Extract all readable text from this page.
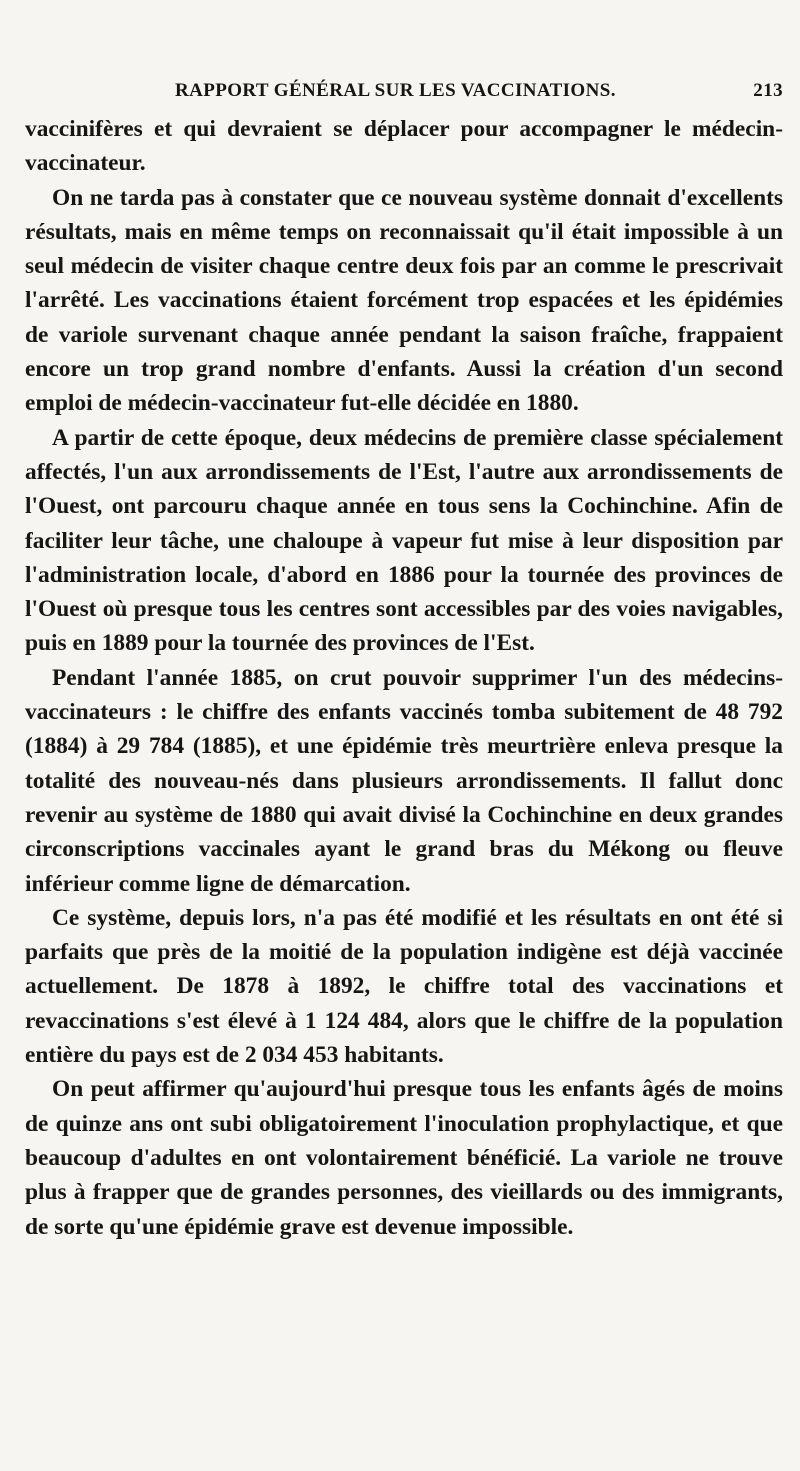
RAPPORT GÉNÉRAL SUR LES VACCINATIONS.	213

vaccinifères et qui devraient se déplacer pour accompagner le médecin-vaccinateur.

On ne tarda pas à constater que ce nouveau système donnait d'excellents résultats, mais en même temps on reconnaissait qu'il était impossible à un seul médecin de visiter chaque centre deux fois par an comme le prescrivait l'arrêté. Les vaccinations étaient forcément trop espacées et les épidémies de variole survenant chaque année pendant la saison fraîche, frappaient encore un trop grand nombre d'enfants. Aussi la création d'un second emploi de médecin-vaccinateur fut-elle décidée en 1880.

A partir de cette époque, deux médecins de première classe spécialement affectés, l'un aux arrondissements de l'Est, l'autre aux arrondissements de l'Ouest, ont parcouru chaque année en tous sens la Cochinchine. Afin de faciliter leur tâche, une chaloupe à vapeur fut mise à leur disposition par l'administration locale, d'abord en 1886 pour la tournée des provinces de l'Ouest où presque tous les centres sont accessibles par des voies navigables, puis en 1889 pour la tournée des provinces de l'Est.

Pendant l'année 1885, on crut pouvoir supprimer l'un des médecins-vaccinateurs : le chiffre des enfants vaccinés tomba subitement de 48 792 (1884) à 29 784 (1885), et une épidémie très meurtrière enleva presque la totalité des nouveau-nés dans plusieurs arrondissements. Il fallut donc revenir au système de 1880 qui avait divisé la Cochinchine en deux grandes circonscriptions vaccinales ayant le grand bras du Mékong ou fleuve inférieur comme ligne de démarcation.

Ce système, depuis lors, n'a pas été modifié et les résultats en ont été si parfaits que près de la moitié de la population indigène est déjà vaccinée actuellement. De 1878 à 1892, le chiffre total des vaccinations et revaccinations s'est élevé à 1 124 484, alors que le chiffre de la population entière du pays est de 2 034 453 habitants.

On peut affirmer qu'aujourd'hui presque tous les enfants âgés de moins de quinze ans ont subi obligatoirement l'inoculation prophylactique, et que beaucoup d'adultes en ont volontairement bénéficié. La variole ne trouve plus à frapper que de grandes personnes, des vieillards ou des immigrants, de sorte qu'une épidémie grave est devenue impossible.
